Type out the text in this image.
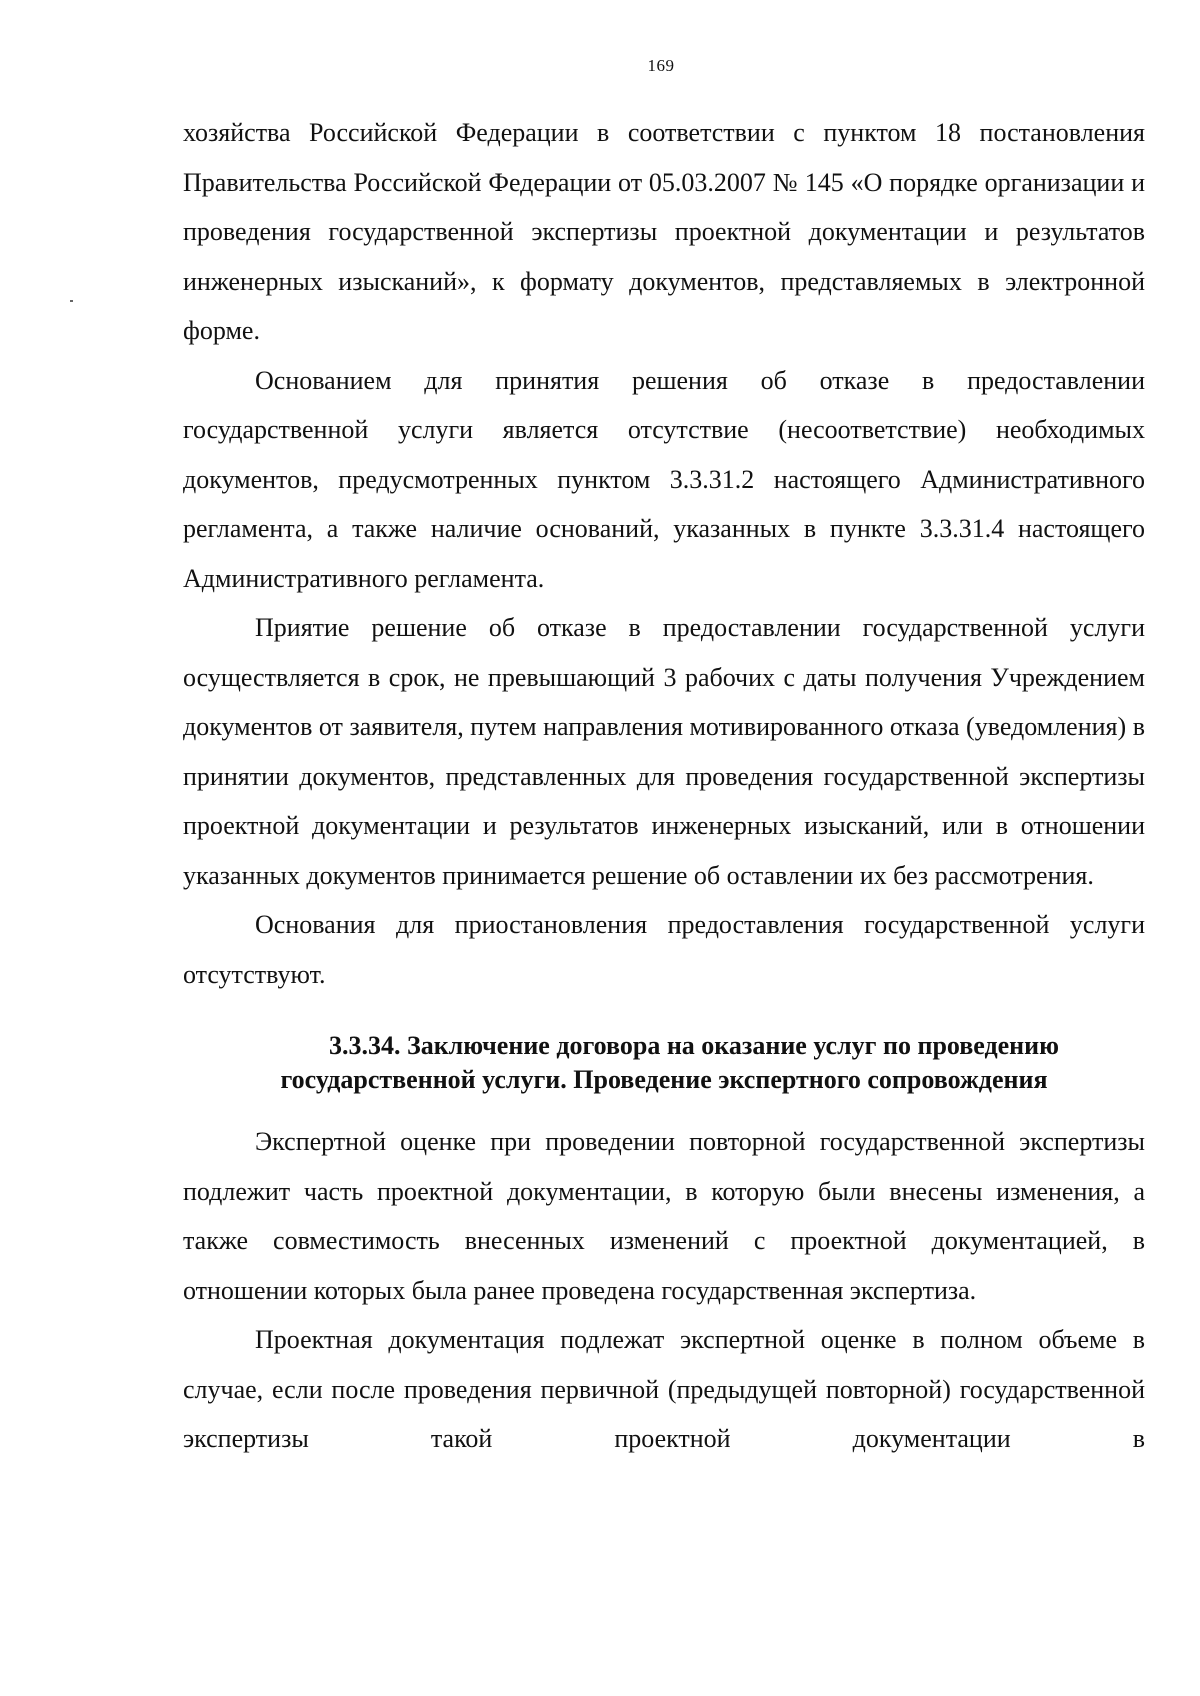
169

хозяйства Российской Федерации в соответствии с пунктом 18 постановления Правительства Российской Федерации от 05.03.2007 № 145 «О порядке организации и проведения государственной экспертизы проектной документации и результатов инженерных изысканий», к формату документов, представляемых в электронной форме.

Основанием для принятия решения об отказе в предоставлении государственной услуги является отсутствие (несоответствие) необходимых документов, предусмотренных пунктом 3.3.31.2 настоящего Административного регламента, а также наличие оснований, указанных в пункте 3.3.31.4 настоящего Административного регламента.

Приятие решение об отказе в предоставлении государственной услуги осуществляется в срок, не превышающий 3 рабочих с даты получения Учреждением документов от заявителя, путем направления мотивированного отказа (уведомления) в принятии документов, представленных для проведения государственной экспертизы проектной документации и результатов инженерных изысканий, или в отношении указанных документов принимается решение об оставлении их без рассмотрения.

Основания для приостановления предоставления государственной услуги отсутствуют.

3.3.34. Заключение договора на оказание услуг по проведению
государственной услуги. Проведение экспертного сопровождения

Экспертной оценке при проведении повторной государственной экспертизы подлежит часть проектной документации, в которую были внесены изменения, а также совместимость внесенных изменений с проектной документацией, в отношении которых была ранее проведена государственная экспертиза.

Проектная документация подлежат экспертной оценке в полном объеме в случае, если после проведения первичной (предыдущей повторной) государственной экспертизы такой проектной документации в
